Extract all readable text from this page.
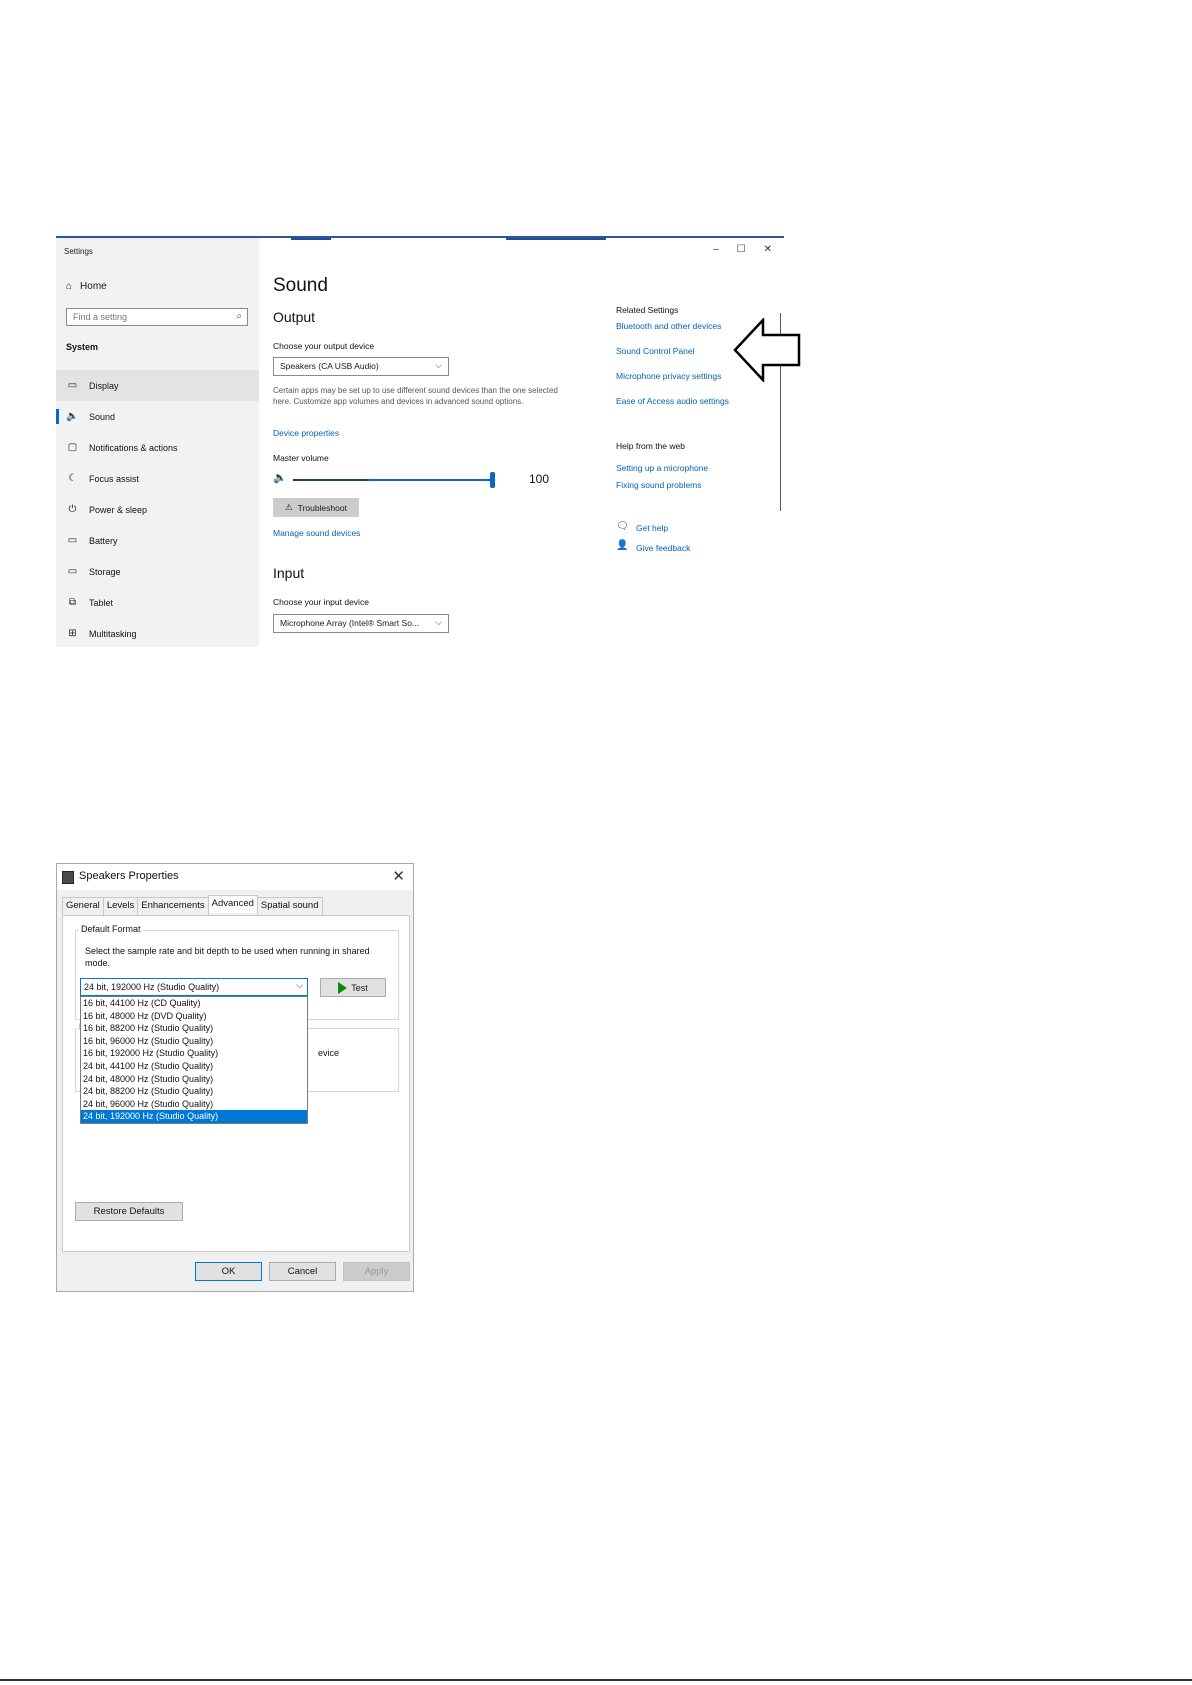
Settings
⌂ Home
Find a setting	⌕
System
▭ Display
🔈 Sound
▢ Notifications & actions
☾ Focus assist
⏻ Power & sleep
▭ Battery
▭ Storage
⧉	Tablet
⊞ Multitasking
– ☐ ✕
Sound
Output
Choose your output device
Speakers (CA USB Audio)	⌵
Certain apps may be set up to use different sound devices than the one selected here. Customize app volumes and devices in advanced sound options.
Device properties
Master volume
🔈	100
⚠ Troubleshoot
Manage sound devices
Input
Choose your input device
Microphone Array (Intel® Smart So... ⌵
Related Settings
Bluetooth and other devices
Sound Control Panel
Microphone privacy settings
Ease of Access audio settings
Help from the web
Setting up a microphone
Fixing sound problems
🗨 Get help
👤 Give feedback
Speakers Properties	✕
General Levels Enhancements Advanced Spatial sound
Default Format
Select the sample rate and bit depth to be used when running in shared mode.
24 bit, 192000 Hz (Studio Quality)	⌵	Test
16 bit, 44100 Hz (CD Quality)
16 bit, 48000 Hz (DVD Quality)
16 bit, 88200 Hz (Studio Quality)
16 bit, 96000 Hz (Studio Quality)
16 bit, 192000 Hz (Studio Quality)
24 bit, 44100 Hz (Studio Quality)
24 bit, 48000 Hz (Studio Quality)
24 bit, 88200 Hz (Studio Quality)
24 bit, 96000 Hz (Studio Quality)
24 bit, 192000 Hz (Studio Quality)
evice
Restore Defaults
OK	Cancel	Apply
